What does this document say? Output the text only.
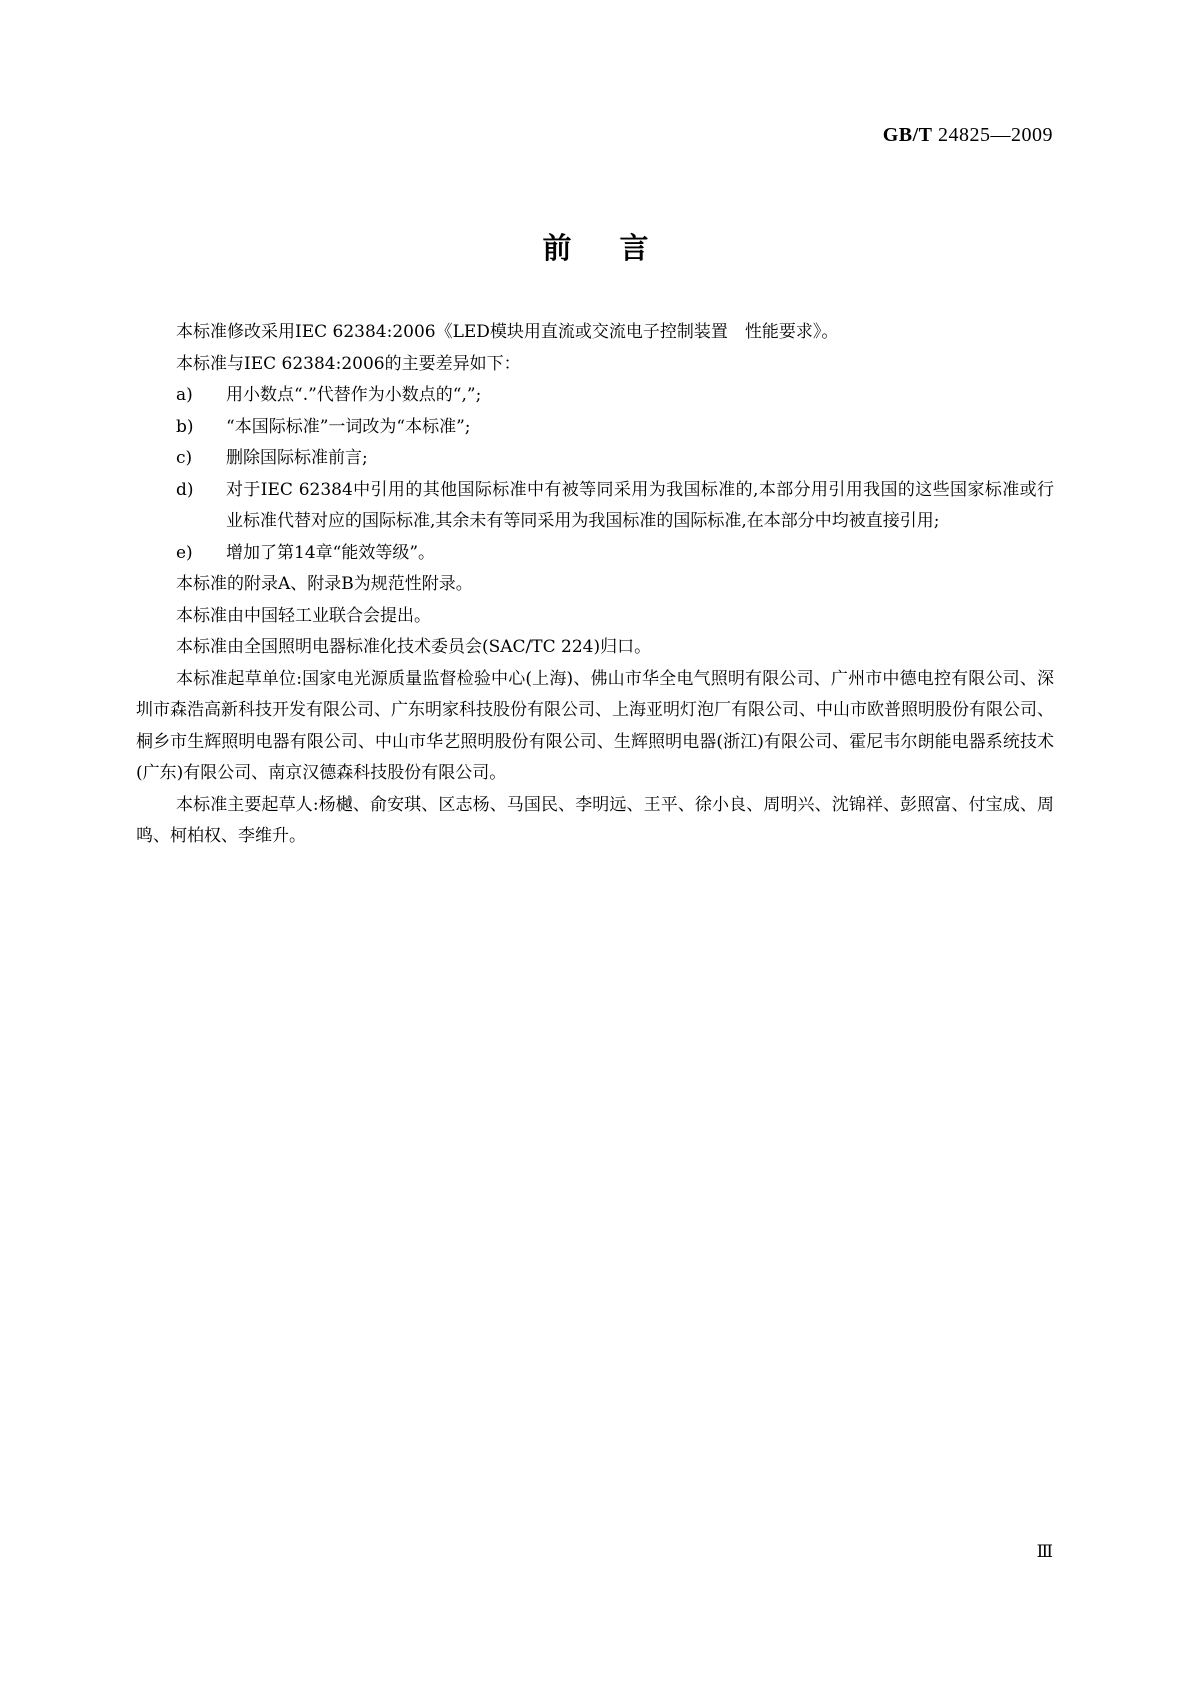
GB/T 24825—2009
前言

本标准修改采用IEC 62384:2006《LED模块用直流或交流电子控制装置　性能要求》。

本标准与IEC 62384:2006的主要差异如下：

a)	用小数点“.”代替作为小数点的“,”;
b)	“本国际标准”一词改为“本标准”;
c)	删除国际标准前言;
d)	对于IEC 62384中引用的其他国际标准中有被等同采用为我国标准的,本部分用引用我国的这些国家标准或行业标准代替对应的国际标准,其余未有等同采用为我国标准的国际标准,在本部分中均被直接引用;
e)	增加了第14章“能效等级”。

本标准的附录A、附录B为规范性附录。

本标准由中国轻工业联合会提出。

本标准由全国照明电器标准化技术委员会(SAC/TC 224)归口。

本标准起草单位:国家电光源质量监督检验中心(上海)、佛山市华全电气照明有限公司、广州市中德电控有限公司、深圳市森浩高新科技开发有限公司、广东明家科技股份有限公司、上海亚明灯泡厂有限公司、中山市欧普照明股份有限公司、桐乡市生辉照明电器有限公司、中山市华艺照明股份有限公司、生辉照明电器(浙江)有限公司、霍尼韦尔朗能电器系统技术(广东)有限公司、南京汉德森科技股份有限公司。

本标准主要起草人:杨樾、俞安琪、区志杨、马国民、李明远、王平、徐小良、周明兴、沈锦祥、彭照富、付宝成、周鸣、柯柏权、李维升。

Ⅲ
